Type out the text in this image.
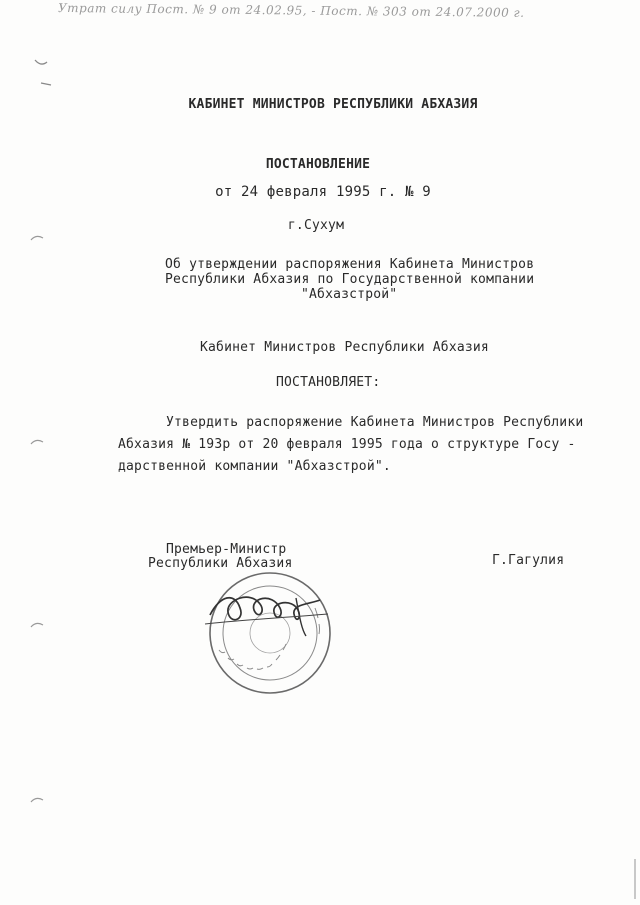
Утрат силу Пост. № 9 от 24.02.95, - Пост. № 303 от 24.07.2000 г.
КАБИНЕТ МИНИСТРОВ РЕСПУБЛИКИ АБХАЗИЯ
ПОСТАНОВЛЕНИЕ
от 24 февраля 1995 г. № 9
г.Сухум
Об утверждении распоряжения Кабинета Министров
Республики Абхазия по Государственной компании
"Абхазстрой"
Кабинет Министров Республики Абхазия
ПОСТАНОВЛЯЕТ:
Утвердить распоряжение Кабинета Министров Республики
Абхазия № 193р от 20 февраля 1995 года о структуре Госу -
дарственной компании "Абхазстрой".
Премьер-Министр
Республики Абхазия	Г.Гагулия
